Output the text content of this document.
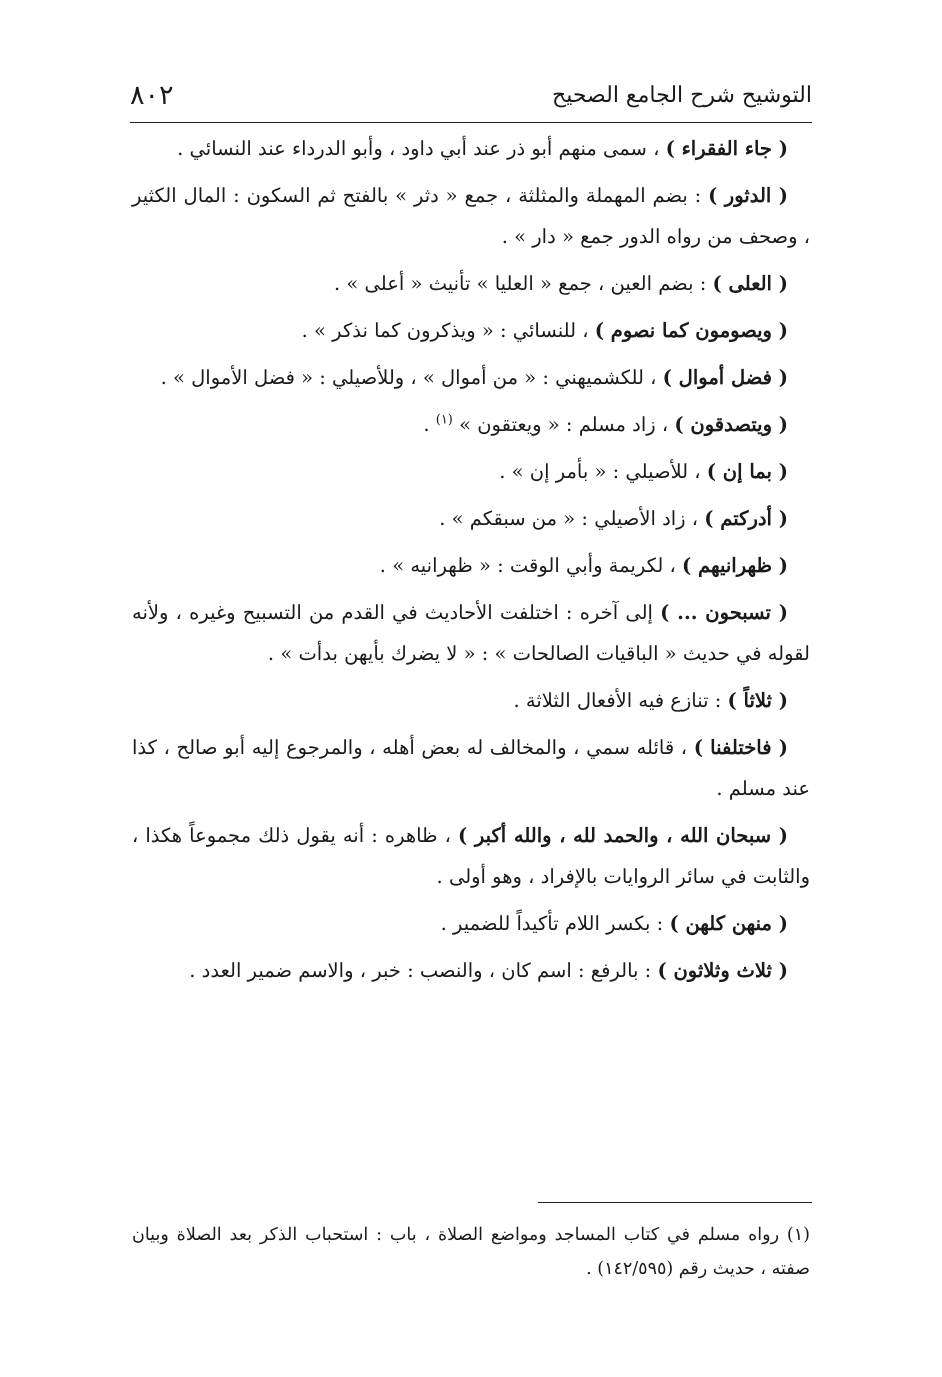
التوشيح شرح الجامع الصحيح
٨٠٢

( جاء الفقراء ) ، سمى منهم أبو ذر عند أبي داود ، وأبو الدرداء عند النسائي .

( الدثور ) : بضم المهملة والمثلثة ، جمع « دثر » بالفتح ثم السكون : المال الكثير ، وصحف من رواه الدور جمع « دار » .

( العلى ) : بضم العين ، جمع « العليا » تأنيث « أعلى » .

( ويصومون كما نصوم ) ، للنسائي : « ويذكرون كما نذكر » .

( فضل أموال ) ، للكشميهني : « من أموال » ، وللأصيلي : « فضل الأموال » .

( ويتصدقون ) ، زاد مسلم : « ويعتقون » $^{(١)}$ .

( بما إن ) ، للأصيلي : « بأمر إن » .

( أدركتم ) ، زاد الأصيلي : « من سبقكم » .

( ظهرانيهم ) ، لكريمة وأبي الوقت : « ظهرانيه » .

( تسبحون ... ) إلى آخره : اختلفت الأحاديث في القدم من التسبيح وغيره ، ولأنه لقوله في حديث « الباقيات الصالحات » : « لا يضرك بأيهن بدأت » .

( ثلاثاً ) : تنازع فيه الأفعال الثلاثة .

( فاختلفنا ) ، قائله سمي ، والمخالف له بعض أهله ، والمرجوع إليه أبو صالح ، كذا عند مسلم .

( سبحان الله ، والحمد لله ، والله أكبر ) ، ظاهره : أنه يقول ذلك مجموعاً هكذا ، والثابت في سائر الروايات بالإفراد ، وهو أولى .

( منهن كلهن ) : بكسر اللام تأكيداً للضمير .

( ثلاث وثلاثون ) : بالرفع : اسم كان ، والنصب : خبر ، والاسم ضمير العدد .

(١) رواه مسلم في كتاب المساجد ومواضع الصلاة ، باب : استحباب الذكر بعد الصلاة وبيان صفته ، حديث رقم (١٤٢/٥٩٥) .
